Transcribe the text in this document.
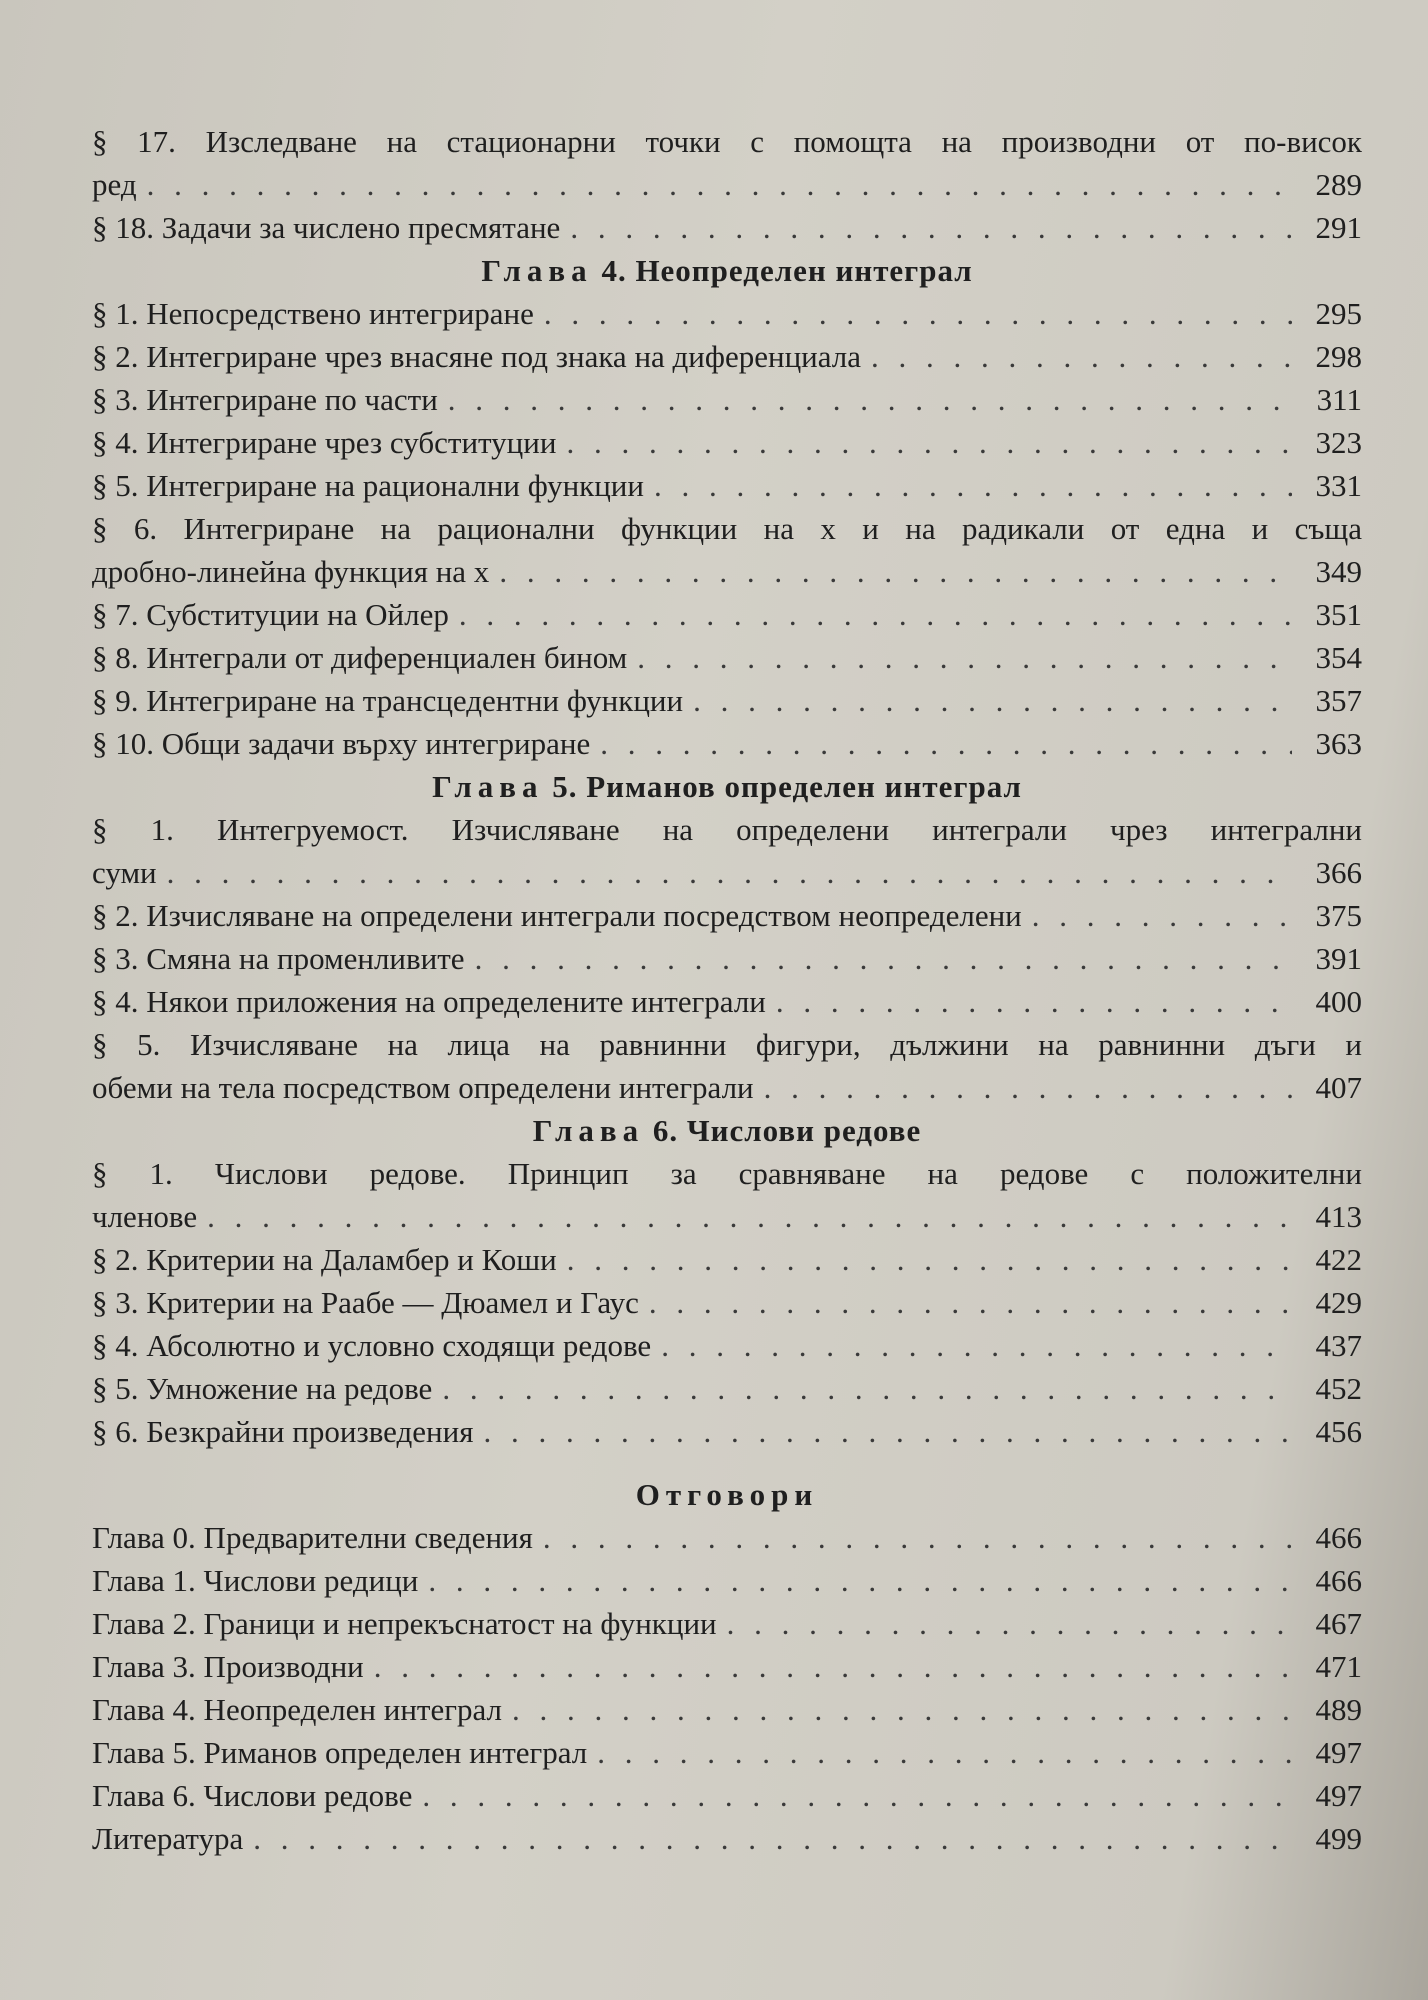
§ 17. Изследване на стационарни точки с помощта на производни от по-висок
ред . . .	289
§ 18. Задачи за числено пресмятане . . .	291
Глава 4. Неопределен интеграл
§ 1. Непосредствено интегриране . . .	295
§ 2. Интегриране чрез внасяне под знака на диференциала . . .	298
§ 3. Интегриране по части . . .	311
§ 4. Интегриране чрез субституции . . .	323
§ 5. Интегриране на рационални функции . . .	331
§ 6. Интегриране на рационални функции на x и на радикали от една и съща
дробно-линейна функция на x . . .	349
§ 7. Субституции на Ойлер . . .	351
§ 8. Интеграли от диференциален бином . . .	354
§ 9. Интегриране на трансцедентни функции . . .	357
§ 10. Общи задачи върху интегриране . . .	363
Глава 5. Риманов определен интеграл
§ 1. Интегруемост. Изчисляване на определени интеграли чрез интегрални
суми . . .	366
§ 2. Изчисляване на определени интеграли посредством неопределени . . .	375
§ 3. Смяна на променливите . . .	391
§ 4. Някои приложения на определените интеграли . . .	400
§ 5. Изчисляване на лица на равнинни фигури, дължини на равнинни дъги и
обеми на тела посредством определени интеграли . . .	407
Глава 6. Числови редове
§ 1. Числови редове. Принцип за сравняване на редове с положителни
членове . . .	413
§ 2. Критерии на Даламбер и Коши . . .	422
§ 3. Критерии на Раабе — Дюамел и Гаус . . .	429
§ 4. Абсолютно и условно сходящи редове . . .	437
§ 5. Умножение на редове . . .	452
§ 6. Безкрайни произведения . . .	456
Отговори
Глава 0. Предварителни сведения . . .	466
Глава 1. Числови редици . . .	466
Глава 2. Граници и непрекъснатост на функции . . .	467
Глава 3. Производни . . .	471
Глава 4. Неопределен интеграл . . .	489
Глава 5. Риманов определен интеграл . . .	497
Глава 6. Числови редове . . .	497
Литература . . .	499
